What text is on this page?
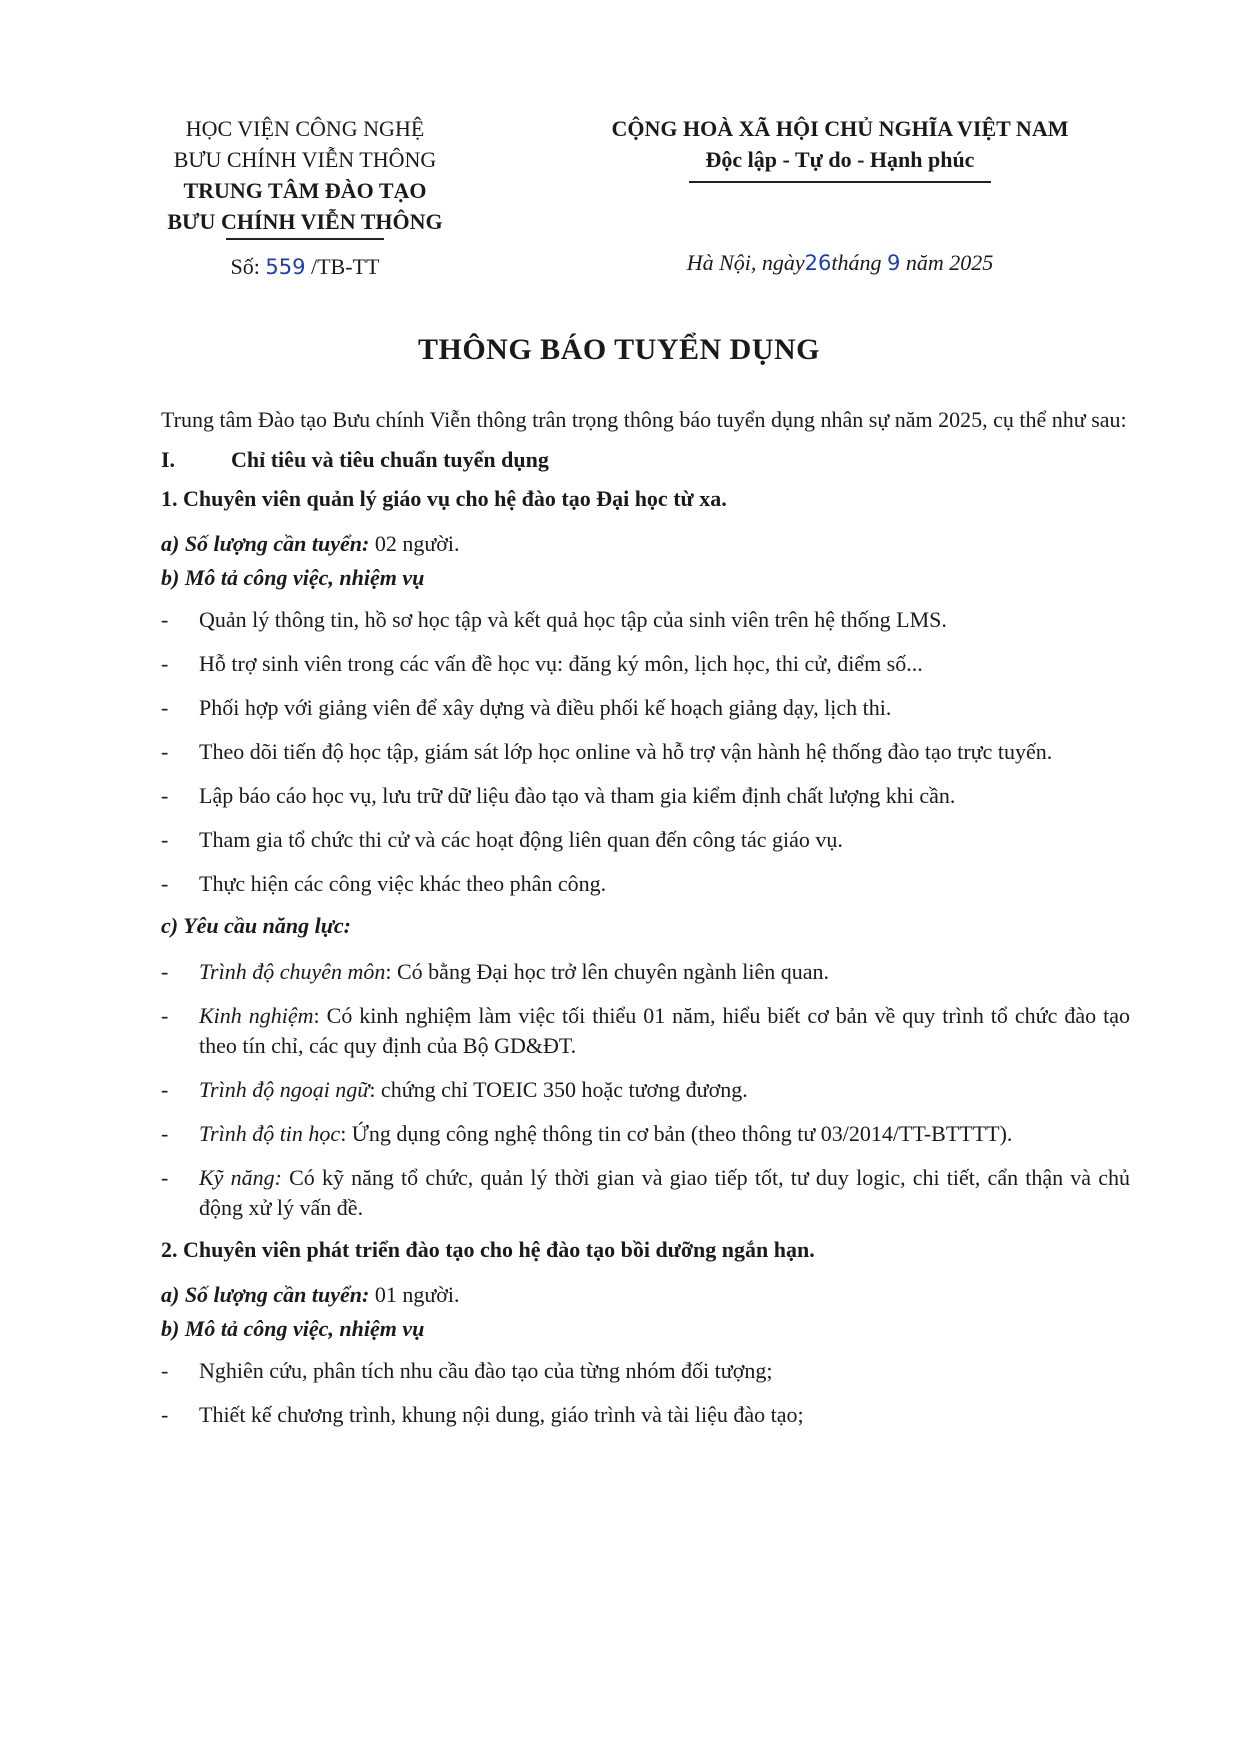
HỌC VIỆN CÔNG NGHỆ
BƯU CHÍNH VIỄN THÔNG
TRUNG TÂM ĐÀO TẠO
BƯU CHÍNH VIỄN THÔNG
Số: 559 /TB-TT
CỘNG HOÀ XÃ HỘI CHỦ NGHĨA VIỆT NAM
Độc lập - Tự do - Hạnh phúc
Hà Nội, ngày26tháng 9 năm 2025
THÔNG BÁO TUYỂN DỤNG

Trung tâm Đào tạo Bưu chính Viễn thông trân trọng thông báo tuyển dụng nhân sự năm 2025, cụ thể như sau:

I.	Chỉ tiêu và tiêu chuẩn tuyển dụng
1. Chuyên viên quản lý giáo vụ cho hệ đào tạo Đại học từ xa.
a) Số lượng cần tuyển: 02 người.
b) Mô tả công việc, nhiệm vụ
- Quản lý thông tin, hồ sơ học tập và kết quả học tập của sinh viên trên hệ thống LMS.
- Hỗ trợ sinh viên trong các vấn đề học vụ: đăng ký môn, lịch học, thi cử, điểm số...
- Phối hợp với giảng viên để xây dựng và điều phối kế hoạch giảng dạy, lịch thi.
- Theo dõi tiến độ học tập, giám sát lớp học online và hỗ trợ vận hành hệ thống đào tạo trực tuyến.
- Lập báo cáo học vụ, lưu trữ dữ liệu đào tạo và tham gia kiểm định chất lượng khi cần.
- Tham gia tổ chức thi cử và các hoạt động liên quan đến công tác giáo vụ.
- Thực hiện các công việc khác theo phân công.
c) Yêu cầu năng lực:
- Trình độ chuyên môn: Có bằng Đại học trở lên chuyên ngành liên quan.
- Kinh nghiệm: Có kinh nghiệm làm việc tối thiểu 01 năm, hiểu biết cơ bản về quy trình tổ chức đào tạo theo tín chỉ, các quy định của Bộ GD&ĐT.
- Trình độ ngoại ngữ: chứng chỉ TOEIC 350 hoặc tương đương.
- Trình độ tin học: Ứng dụng công nghệ thông tin cơ bản (theo thông tư 03/2014/TT-BTTTT).
- Kỹ năng: Có kỹ năng tổ chức, quản lý thời gian và giao tiếp tốt, tư duy logic, chi tiết, cẩn thận và chủ động xử lý vấn đề.
2. Chuyên viên phát triển đào tạo cho hệ đào tạo bồi dưỡng ngắn hạn.
a) Số lượng cần tuyển: 01 người.
b) Mô tả công việc, nhiệm vụ
- Nghiên cứu, phân tích nhu cầu đào tạo của từng nhóm đối tượng;
- Thiết kế chương trình, khung nội dung, giáo trình và tài liệu đào tạo;
